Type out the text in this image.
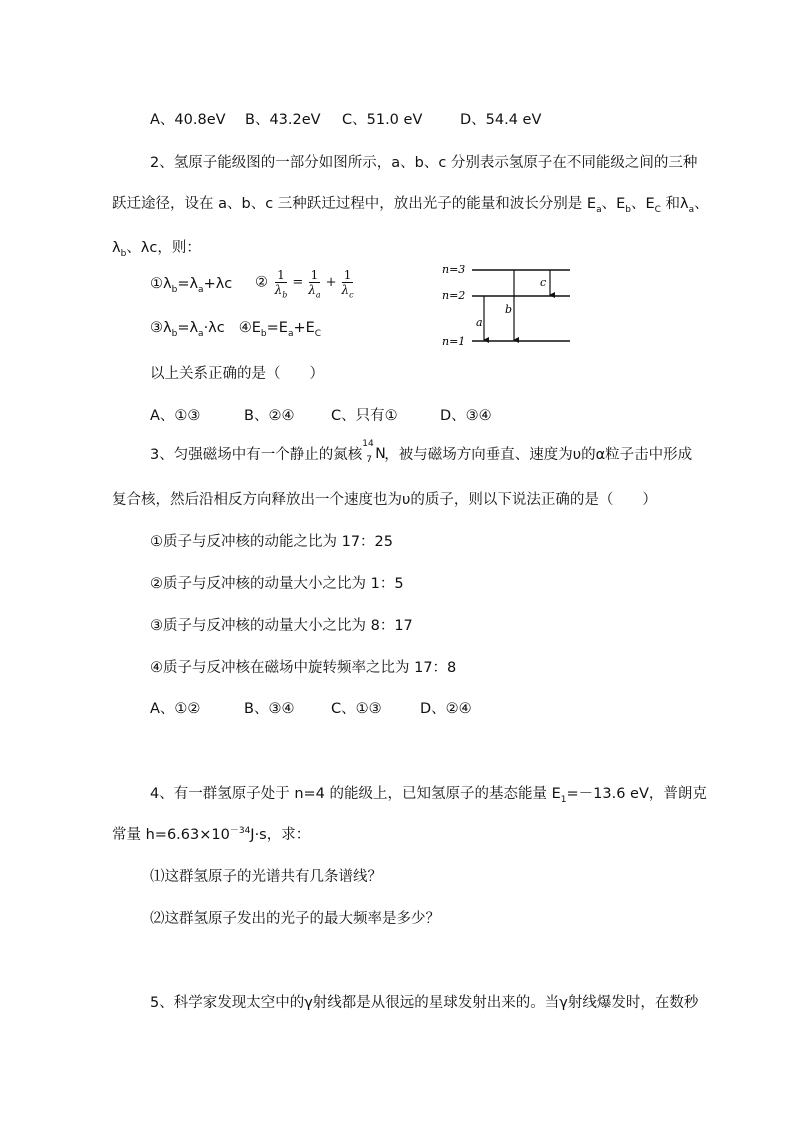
A、40.8eV B、43.2eV C、51.0 eV	D、54.4 eV
2、氢原子能级图的一部分如图所示，a、b、c 分别表示氢原子在不同能级之间的三种
跃迁途径，设在 a、b、c 三种跃迁过程中，放出光子的能量和波长分别是 $E_a$、$E_b$、$E_C$ 和$\lambda_a$、
$\lambda_b$、λc，则：
$①\lambda_b=\lambda_a+\lambda c$ ② $\frac{1}{\lambda_b} = \frac{1}{\lambda_a} + \frac{1}{\lambda_c}$
$③\lambda_b=\lambda_a\cdot\lambda c$ $④E_b=E_a+E_C$
n=3
n=2
n=1
a
b
c
以上关系正确的是（　　）
A、①③	B、②④	C、只有①	D、③④
3、匀强磁场中有一个静止的氮核
14
7 N
，被与磁场方向垂直、速度为υ的α粒子击中形成
复合核，然后沿相反方向释放出一个速度也为υ的质子，则以下说法正确的是（　　）
①质子与反冲核的动能之比为 17：25
②质子与反冲核的动量大小之比为 1：5
③质子与反冲核的动量大小之比为 8：17
④质子与反冲核在磁场中旋转频率之比为 17：8
A、①②	B、③④	C、①③	D、②④
4、有一群氢原子处于 n=4 的能级上，已知氢原子的基态能量 $E_1=-13.6$ eV，普朗克
常量 $h=6.63\times 10^{-34}J\cdot s$，求：
⑴这群氢原子的光谱共有几条谱线？
⑵这群氢原子发出的光子的最大频率是多少？
5、科学家发现太空中的γ射线都是从很远的星球发射出来的。当γ射线爆发时，在数秒
